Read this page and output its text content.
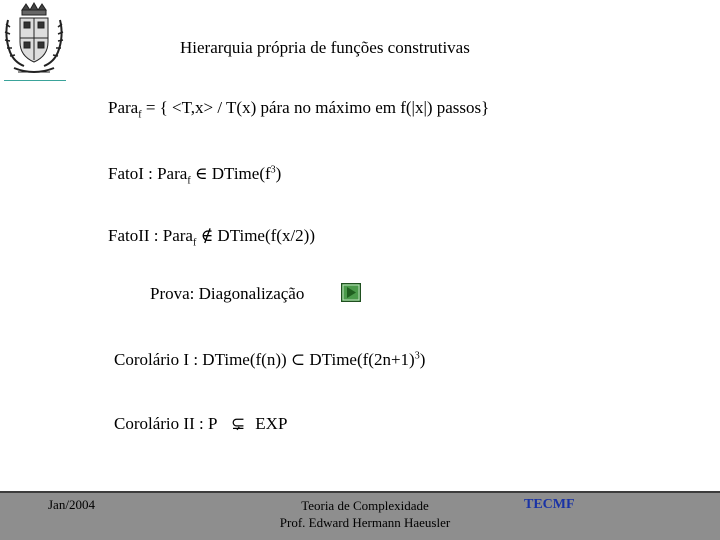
Hierarquia própria de funções construtivas
Para$_f$ = { <T,x> / T(x) pára no máximo em f(|x|) passos}
FatoI : Para$_f$ ∈ $DTime(f^3)$
FatoII : Para$_f$ ∉ DTime(f(x/2))
Prova: Diagonalização
Corolário I : DTime(f(n)) ⊂ $DTime(f(2n+1)^3)$
Corolário II : P ⊊ EXP
Jan/2004	Teoria de Complexidade
Prof. Edward Hermann Haeusler
TECMF
